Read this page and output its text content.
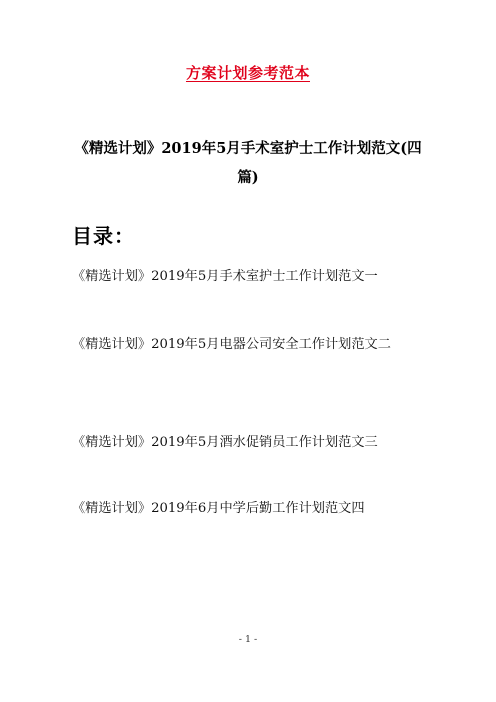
方案计划参考范本
《精选计划》2019年5月手术室护士工作计划范文(四篇)
目录：
《精选计划》2019年5月手术室护士工作计划范文一
《精选计划》2019年5月电器公司安全工作计划范文二
《精选计划》2019年5月酒水促销员工作计划范文三
《精选计划》2019年6月中学后勤工作计划范文四
- 1 -
